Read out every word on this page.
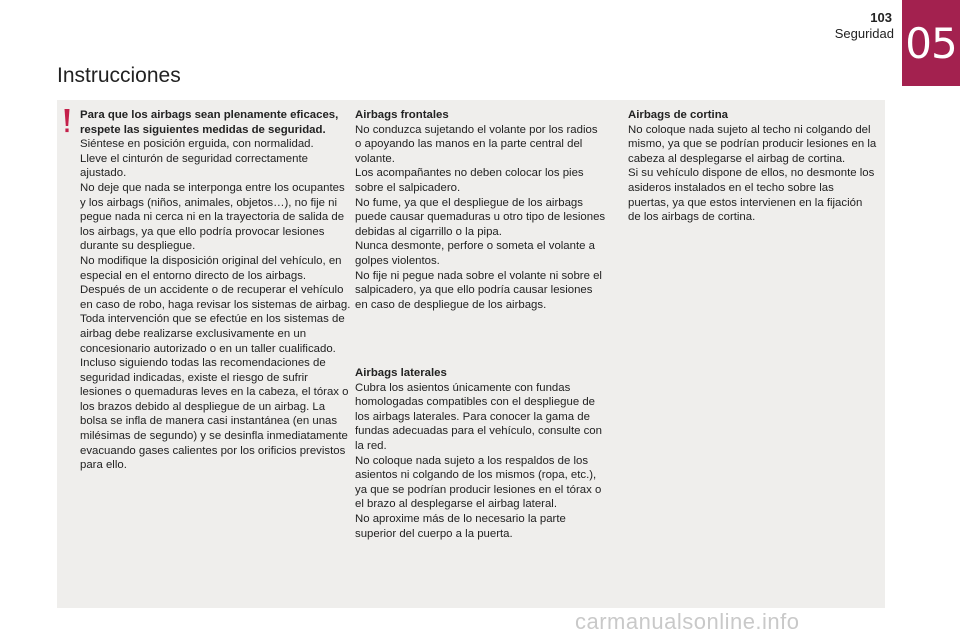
103
Seguridad 05
Instrucciones

Para que los airbags sean plenamente eficaces, respete las siguientes medidas de seguridad.

Siéntese en posición erguida, con normalidad.

Lleve el cinturón de seguridad correctamente ajustado.

No deje que nada se interponga entre los ocupantes y los airbags (niños, animales, objetos…), no fije ni pegue nada ni cerca ni en la trayectoria de salida de los airbags, ya que ello podría provocar lesiones durante su despliegue.

No modifique la disposición original del vehículo, en especial en el entorno directo de los airbags.

Después de un accidente o de recuperar el vehículo en caso de robo, haga revisar los sistemas de airbag.

Toda intervención que se efectúe en los sistemas de airbag debe realizarse exclusivamente en un concesionario autorizado o en un taller cualificado.

Incluso siguiendo todas las recomendaciones de seguridad indicadas, existe el riesgo de sufrir lesiones o quemaduras leves en la cabeza, el tórax o los brazos debido al despliegue de un airbag. La bolsa se infla de manera casi instantánea (en unas milésimas de segundo) y se desinfla inmediatamente evacuando gases calientes por los orificios previstos para ello.

Airbags frontales

No conduzca sujetando el volante por los radios o apoyando las manos en la parte central del volante.

Los acompañantes no deben colocar los pies sobre el salpicadero.

No fume, ya que el despliegue de los airbags puede causar quemaduras u otro tipo de lesiones debidas al cigarrillo o la pipa.

Nunca desmonte, perfore o someta el volante a golpes violentos.

No fije ni pegue nada sobre el volante ni sobre el salpicadero, ya que ello podría causar lesiones en caso de despliegue de los airbags.

Airbags laterales

Cubra los asientos únicamente con fundas homologadas compatibles con el despliegue de los airbags laterales. Para conocer la gama de fundas adecuadas para el vehículo, consulte con la red.

No coloque nada sujeto a los respaldos de los asientos ni colgando de los mismos (ropa, etc.), ya que se podrían producir lesiones en el tórax o el brazo al desplegarse el airbag lateral.

No aproxime más de lo necesario la parte superior del cuerpo a la puerta.

Airbags de cortina

No coloque nada sujeto al techo ni colgando del mismo, ya que se podrían producir lesiones en la cabeza al desplegarse el airbag de cortina.

Si su vehículo dispone de ellos, no desmonte los asideros instalados en el techo sobre las puertas, ya que estos intervienen en la fijación de los airbags de cortina.

carmanualsonline.info
